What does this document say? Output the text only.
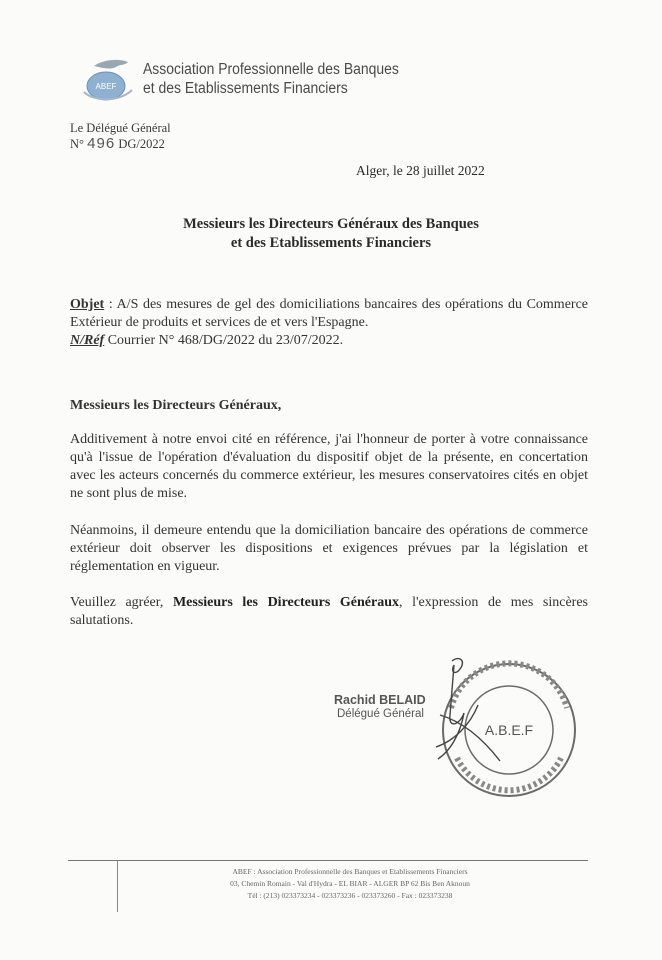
ABEF
Association Professionnelle des Banques
et des Etablissements Financiers
Le Délégué Général
N° 496 DG/2022
Alger, le 28 juillet 2022
Messieurs les Directeurs Généraux des Banques
et des Etablissements Financiers
Objet : A/S des mesures de gel des domiciliations bancaires des opérations du Commerce Extérieur de produits et services de et vers l'Espagne.
N/Réf Courrier N° 468/DG/2022 du 23/07/2022.
Messieurs les Directeurs Généraux,
Additivement à notre envoi cité en référence, j'ai l'honneur de porter à votre connaissance qu'à l'issue de l'opération d'évaluation du dispositif objet de la présente, en concertation avec les acteurs concernés du commerce extérieur, les mesures conservatoires cités en objet ne sont plus de mise.
Néanmoins, il demeure entendu que la domiciliation bancaire des opérations de commerce extérieur doit observer les dispositions et exigences prévues par la législation et réglementation en vigueur.
Veuillez agréer, Messieurs les Directeurs Généraux, l'expression de mes sincères salutations.
Rachid BELAID
Délégué Général
A.B.E.F
ABEF : Association Professionnelle des Banques et Etablissements Financiers
03, Chemin Romain - Val d'Hydra - EL BIAR - ALGER BP 62 Bis Ben Aknoun
Tél : (213) 023373234 - 023373236 - 023373260 - Fax : 023373238
